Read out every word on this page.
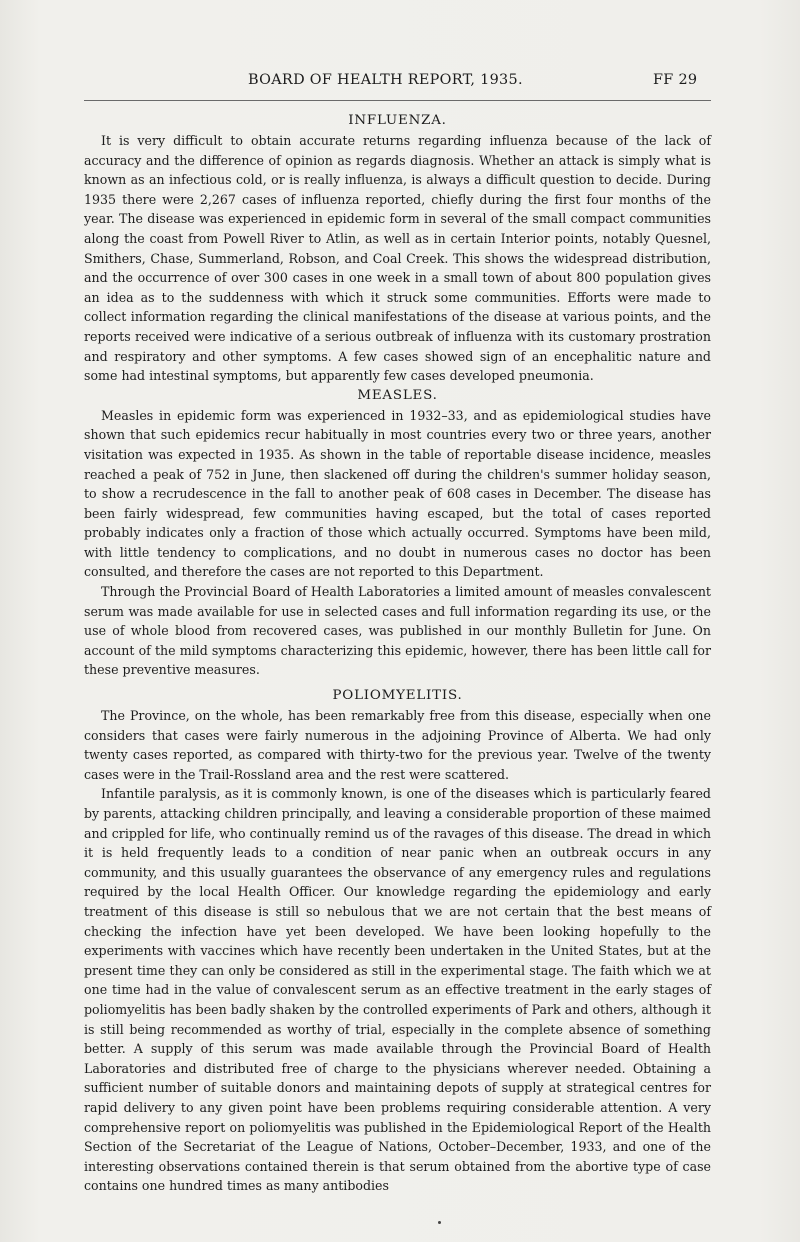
BOARD OF HEALTH REPORT, 1935.	FF 29
INFLUENZA.

It is very difficult to obtain accurate returns regarding influenza because of the lack of accuracy and the difference of opinion as regards diagnosis. Whether an attack is simply what is known as an infectious cold, or is really influenza, is always a difficult question to decide. During 1935 there were 2,267 cases of influenza reported, chiefly during the first four months of the year. The disease was experienced in epidemic form in several of the small compact communities along the coast from Powell River to Atlin, as well as in certain Interior points, notably Quesnel, Smithers, Chase, Summerland, Robson, and Coal Creek. This shows the widespread distribution, and the occurrence of over 300 cases in one week in a small town of about 800 population gives an idea as to the suddenness with which it struck some communities. Efforts were made to collect information regarding the clinical manifestations of the disease at various points, and the reports received were indicative of a serious outbreak of influenza with its customary prostration and respiratory and other symptoms. A few cases showed sign of an encephalitic nature and some had intestinal symptoms, but apparently few cases developed pneumonia.

MEASLES.

Measles in epidemic form was experienced in 1932–33, and as epidemiological studies have shown that such epidemics recur habitually in most countries every two or three years, another visitation was expected in 1935. As shown in the table of reportable disease incidence, measles reached a peak of 752 in June, then slackened off during the children's summer holiday season, to show a recrudescence in the fall to another peak of 608 cases in December. The disease has been fairly widespread, few communities having escaped, but the total of cases reported probably indicates only a fraction of those which actually occurred. Symptoms have been mild, with little tendency to complications, and no doubt in numerous cases no doctor has been consulted, and therefore the cases are not reported to this Department.

Through the Provincial Board of Health Laboratories a limited amount of measles convalescent serum was made available for use in selected cases and full information regarding its use, or the use of whole blood from recovered cases, was published in our monthly Bulletin for June. On account of the mild symptoms characterizing this epidemic, however, there has been little call for these preventive measures.

POLIOMYELITIS.

The Province, on the whole, has been remarkably free from this disease, especially when one considers that cases were fairly numerous in the adjoining Province of Alberta. We had only twenty cases reported, as compared with thirty-two for the previous year. Twelve of the twenty cases were in the Trail-Rossland area and the rest were scattered.

Infantile paralysis, as it is commonly known, is one of the diseases which is particularly feared by parents, attacking children principally, and leaving a considerable proportion of these maimed and crippled for life, who continually remind us of the ravages of this disease. The dread in which it is held frequently leads to a condition of near panic when an outbreak occurs in any community, and this usually guarantees the observance of any emergency rules and regulations required by the local Health Officer. Our knowledge regarding the epidemiology and early treatment of this disease is still so nebulous that we are not certain that the best means of checking the infection have yet been developed. We have been looking hopefully to the experiments with vaccines which have recently been undertaken in the United States, but at the present time they can only be considered as still in the experimental stage. The faith which we at one time had in the value of convalescent serum as an effective treatment in the early stages of poliomyelitis has been badly shaken by the controlled experiments of Park and others, although it is still being recommended as worthy of trial, especially in the complete absence of something better. A supply of this serum was made available through the Provincial Board of Health Laboratories and distributed free of charge to the physicians wherever needed. Obtaining a sufficient number of suitable donors and maintaining depots of supply at strategical centres for rapid delivery to any given point have been problems requiring considerable attention. A very comprehensive report on poliomyelitis was published in the Epidemiological Report of the Health Section of the Secretariat of the League of Nations, October–December, 1933, and one of the interesting observations contained therein is that serum obtained from the abortive type of case contains one hundred times as many antibodies
